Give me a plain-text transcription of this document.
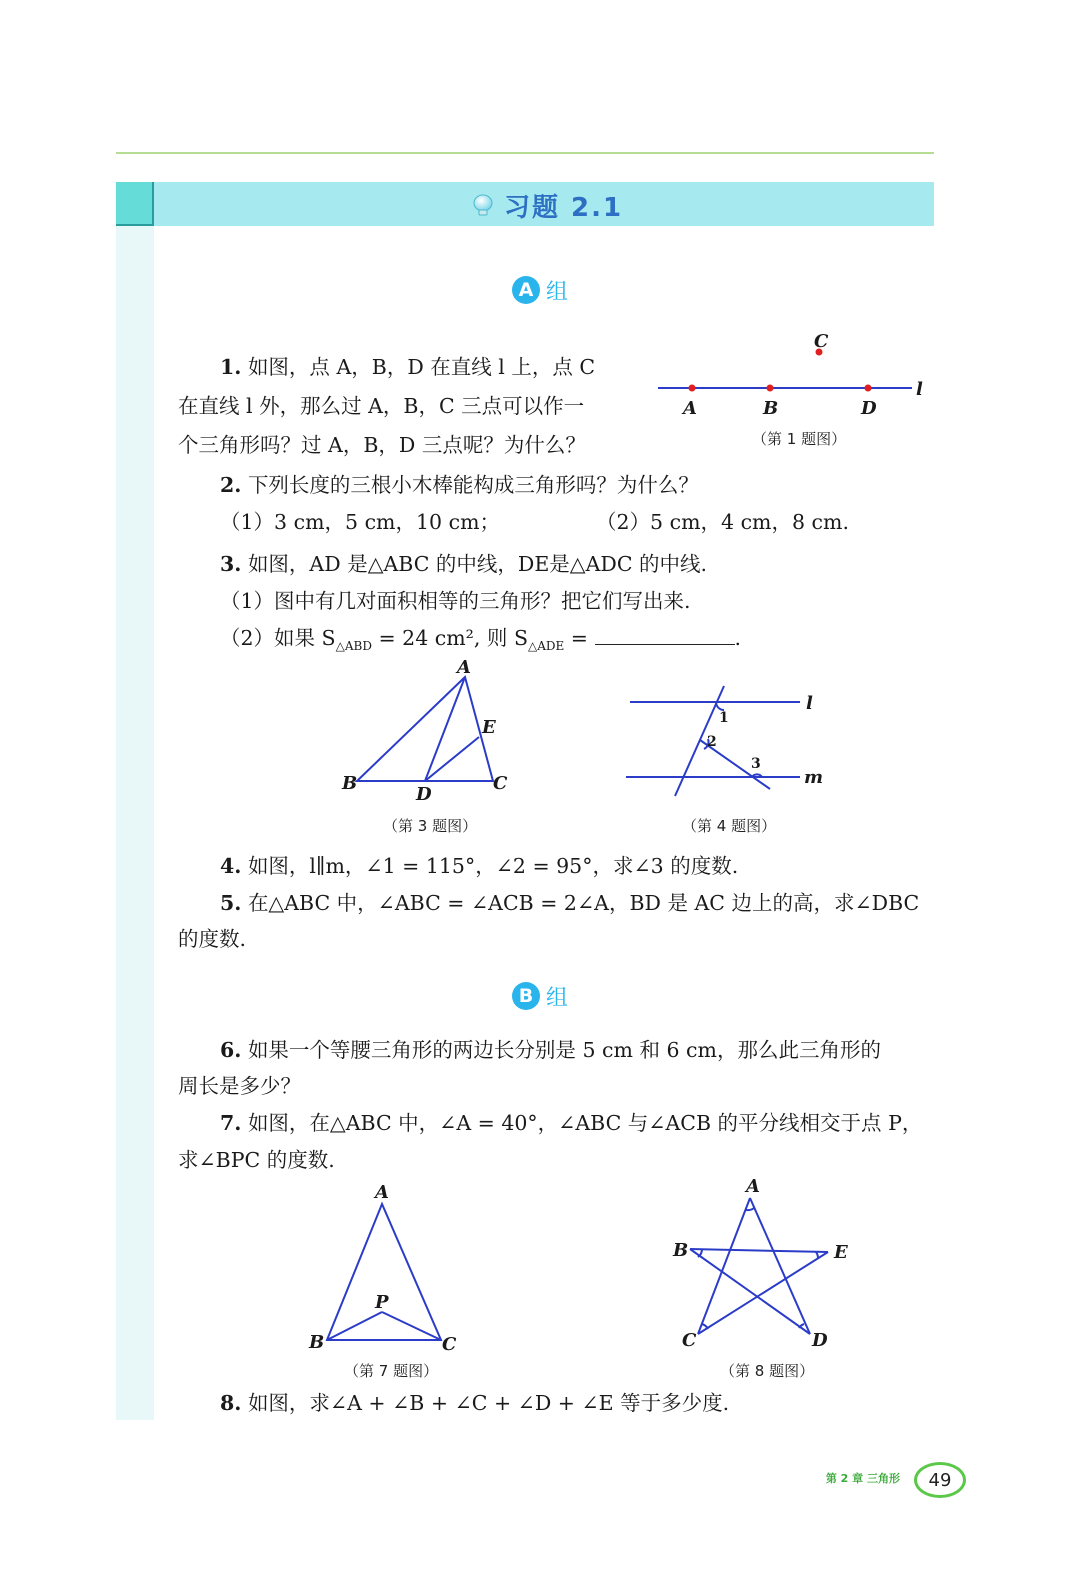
习题 2.1
A 组
1. 如图，点 A，B，D 在直线 l 上，点 C
在直线 l 外，那么过 A，B，C 三点可以作一
个三角形吗？过 A，B，D 三点呢？为什么？
C
A	B	D
l
（第 1 题图）
2. 下列长度的三根小木棒能构成三角形吗？为什么？
（1）3 cm，5 cm，10 cm；	（2）5 cm，4 cm，8 cm.
3. 如图，AD 是△ABC 的中线，DE是△ADC 的中线.
（1）图中有几对面积相等的三角形？把它们写出来.
（2）如果 $S_{\triangle ABD} = 24$ cm², 则 $S_{\triangle ADE}$ =	.
A
E
B
D
C
（第 3 题图）
l
1
2
3
m
（第 4 题图）
4. 如图，l∥m，∠1 = 115°，∠2 = 95°，求∠3 的度数.
5. 在△ABC 中，∠ABC = ∠ACB = 2∠A，BD 是 AC 边上的高，求∠DBC
的度数.
B 组
6. 如果一个等腰三角形的两边长分别是 5 cm 和 6 cm，那么此三角形的
周长是多少？
7. 如图，在△ABC 中，∠A = 40°，∠ABC 与∠ACB 的平分线相交于点 P，
求∠BPC 的度数.
A
P
B	C
（第 7 题图）
A
B	E
C	D
（第 8 题图）
8. 如图，求∠A + ∠B + ∠C + ∠D + ∠E 等于多少度.
第 2 章 三角形	49
